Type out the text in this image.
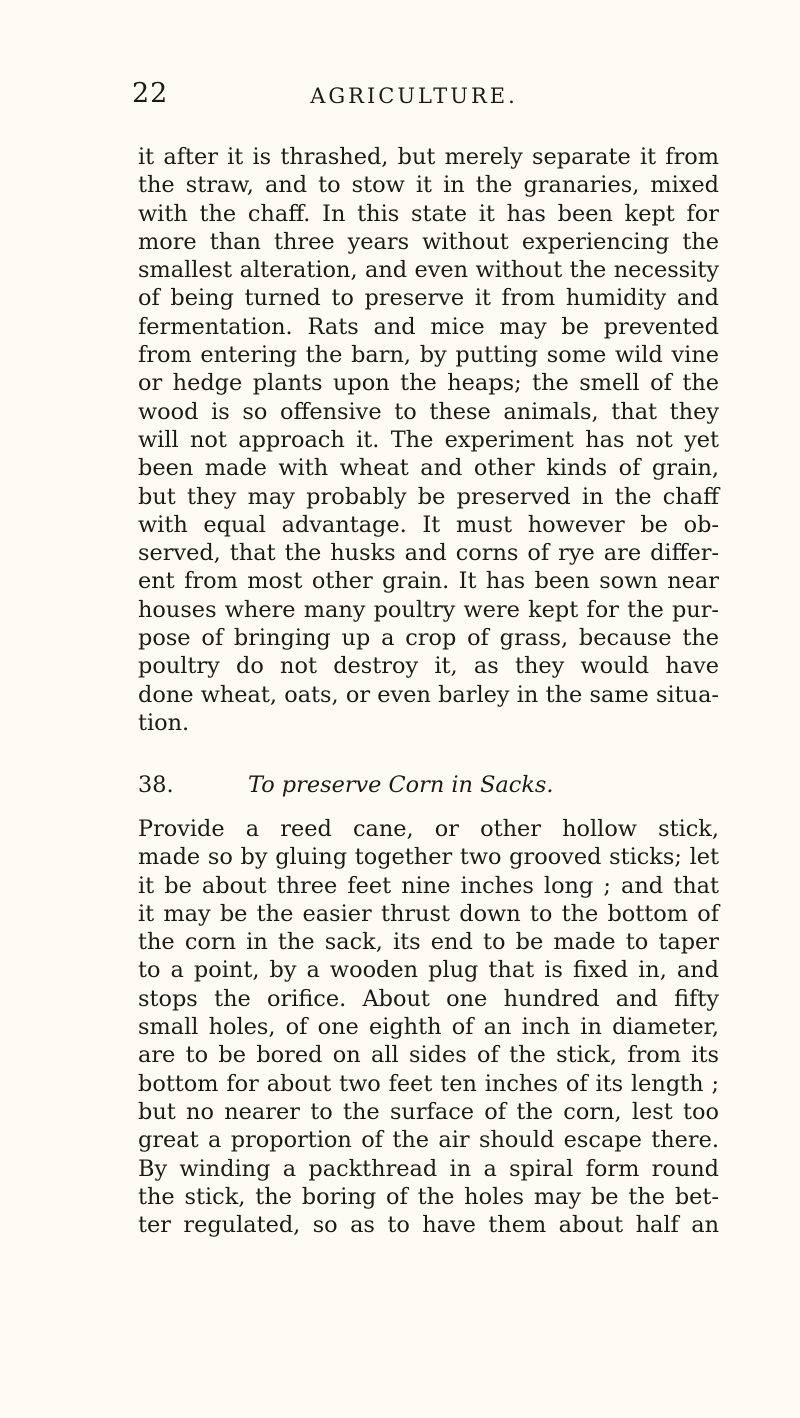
22	AGRICULTURE.
it after it is thrashed, but merely separate it from
the straw, and to stow it in the granaries, mixed
with the chaff. In this state it has been kept for
more than three years without experiencing the
smallest alteration, and even without the necessity
of being turned to preserve it from humidity and
fermentation. Rats and mice may be prevented
from entering the barn, by putting some wild vine
or hedge plants upon the heaps; the smell of the
wood is so offensive to these animals, that they
will not approach it. The experiment has not yet
been made with wheat and other kinds of grain,
but they may probably be preserved in the chaff
with equal advantage. It must however be ob-
served, that the husks and corns of rye are differ-
ent from most other grain. It has been sown near
houses where many poultry were kept for the pur-
pose of bringing up a crop of grass, because the
poultry do not destroy it, as they would have
done wheat, oats, or even barley in the same situa-
tion.
38.	To preserve Corn in Sacks.
Provide a reed cane, or other hollow stick,
made so by gluing together two grooved sticks; let
it be about three feet nine inches long ; and that
it may be the easier thrust down to the bottom of
the corn in the sack, its end to be made to taper
to a point, by a wooden plug that is fixed in, and
stops the orifice. About one hundred and fifty
small holes, of one eighth of an inch in diameter,
are to be bored on all sides of the stick, from its
bottom for about two feet ten inches of its length ;
but no nearer to the surface of the corn, lest too
great a proportion of the air should escape there.
By winding a packthread in a spiral form round
the stick, the boring of the holes may be the bet-
ter regulated, so as to have them about half an
